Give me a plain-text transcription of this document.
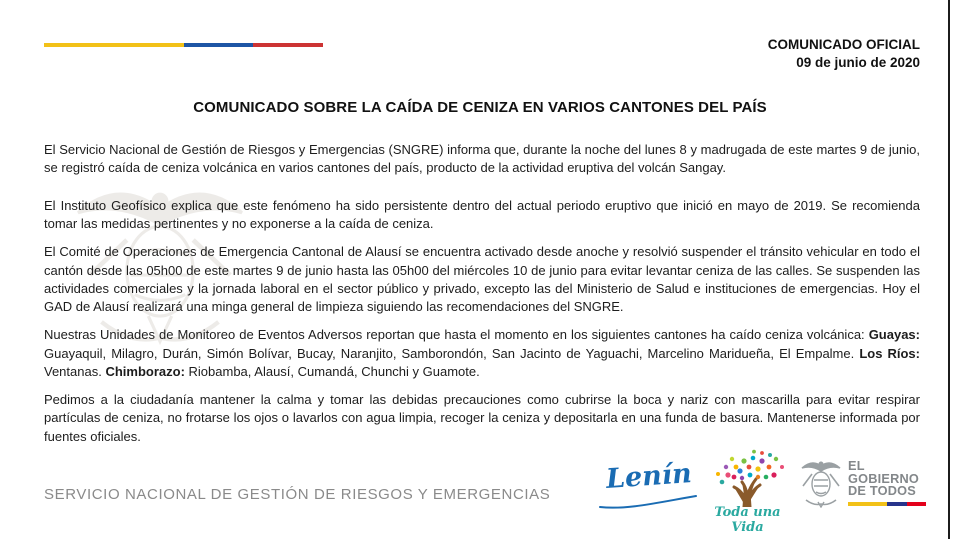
COMUNICADO OFICIAL
09 de junio de 2020
COMUNICADO SOBRE LA CAÍDA DE CENIZA EN VARIOS CANTONES DEL PAÍS

El Servicio Nacional de Gestión de Riesgos y Emergencias (SNGRE) informa que, durante la noche del lunes 8 y madrugada de este martes 9 de junio, se registró caída de ceniza volcánica en varios cantones del país, producto de la actividad eruptiva del volcán Sangay.

El Instituto Geofísico explica que este fenómeno ha sido persistente dentro del actual periodo eruptivo que inició en mayo de 2019. Se recomienda tomar las medidas pertinentes y no exponerse a la caída de ceniza.

El Comité de Operaciones de Emergencia Cantonal de Alausí se encuentra activado desde anoche y resolvió suspender el tránsito vehicular en todo el cantón desde las 05h00 de este martes 9 de junio hasta las 05h00 del miércoles 10 de junio para evitar levantar ceniza de las calles. Se suspenden las actividades comerciales y la jornada laboral en el sector público y privado, excepto las del Ministerio de Salud e instituciones de emergencias. Hoy el GAD de Alausí realizará una minga general de limpieza siguiendo las recomendaciones del SNGRE.

Nuestras Unidades de Monitoreo de Eventos Adversos reportan que hasta el momento en los siguientes cantones ha caído ceniza volcánica: Guayas: Guayaquil, Milagro, Durán, Simón Bolívar, Bucay, Naranjito, Samborondón, San Jacinto de Yaguachi, Marcelino Maridueña, El Empalme. Los Ríos: Ventanas. Chimborazo: Riobamba, Alausí, Cumandá, Chunchi y Guamote.

Pedimos a la ciudadanía mantener la calma y tomar las debidas precauciones como cubrirse la boca y nariz con mascarilla para evitar respirar partículas de ceniza, no frotarse los ojos o lavarlos con agua limpia, recoger la ceniza y depositarla en una funda de basura. Mantenerse informada por fuentes oficiales.

SERVICIO NACIONAL DE GESTIÓN DE RIESGOS Y EMERGENCIAS Lenín
Toda una Vida
EL
GOBIERNO
DE TODOS
